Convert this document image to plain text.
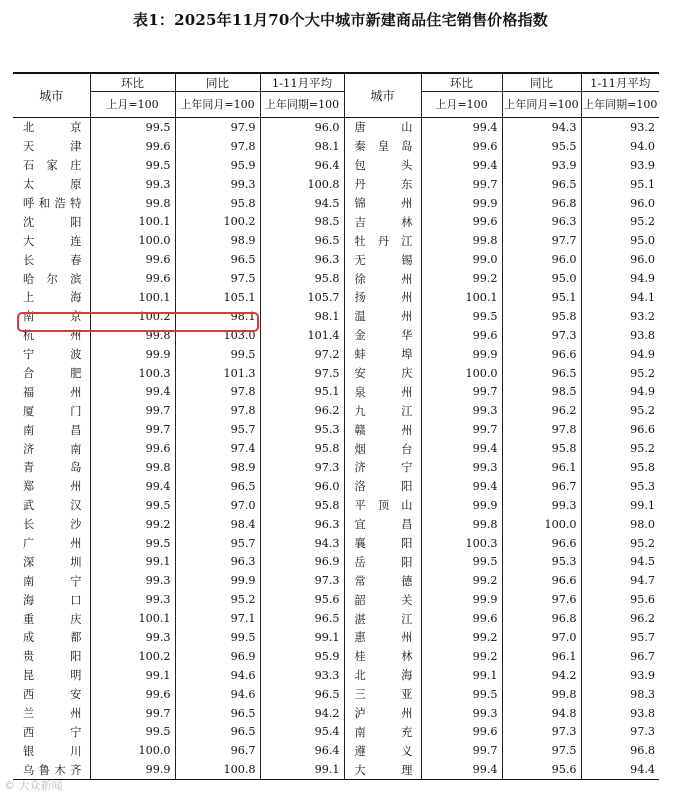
表1：2025年11月70个大中城市新建商品住宅销售价格指数
城市	环比	同比	1-11月平均	城市	环比	同比	1-11月平均
	上月=100	上年同月=100	上年同期=100		上月=100	上年同月=100	上年同期=100

北京	99.5	97.9	96.0	唐山	99.4	94.3	93.2

天津	99.6	97.8	98.1	秦皇岛	99.6	95.5	94.0

石家庄	99.5	95.9	96.4	包头	99.4	93.9	93.9

太原	99.3	99.3	100.8	丹东	99.7	96.5	95.1

呼和浩特	99.8	95.8	94.5	锦州	99.9	96.8	96.0

沈阳	100.1	100.2	98.5	吉林	99.6	96.3	95.2

大连	100.0	98.9	96.5	牡丹江	99.8	97.7	95.0

长春	99.6	96.5	96.3	无锡	99.0	96.0	96.0

哈尔滨	99.6	97.5	95.8	徐州	99.2	95.0	94.9

上海	100.1	105.1	105.7	扬州	100.1	95.1	94.1

南京	100.2	98.1	98.1	温州	99.5	95.8	93.2

杭州	99.8	103.0	101.4	金华	99.6	97.3	93.8

宁波	99.9	99.5	97.2	蚌埠	99.9	96.6	94.9

合肥	100.3	101.3	97.5	安庆	100.0	96.5	95.2

福州	99.4	97.8	95.1	泉州	99.7	98.5	94.9

厦门	99.7	97.8	96.2	九江	99.3	96.2	95.2

南昌	99.7	95.7	95.3	赣州	99.7	97.8	96.6

济南	99.6	97.4	95.8	烟台	99.4	95.8	95.2

青岛	99.8	98.9	97.3	济宁	99.3	96.1	95.8

郑州	99.4	96.5	96.0	洛阳	99.4	96.7	95.3

武汉	99.5	97.0	95.8	平顶山	99.9	99.3	99.1

长沙	99.2	98.4	96.3	宜昌	99.8	100.0	98.0

广州	99.5	95.7	94.3	襄阳	100.3	96.6	95.2

深圳	99.1	96.3	96.9	岳阳	99.5	95.3	94.5

南宁	99.3	99.9	97.3	常德	99.2	96.6	94.7

海口	99.3	95.2	95.6	韶关	99.9	97.6	95.6

重庆	100.1	97.1	96.5	湛江	99.6	96.8	96.2

成都	99.3	99.5	99.1	惠州	99.2	97.0	95.7

贵阳	100.2	96.9	95.9	桂林	99.2	96.1	96.7

昆明	99.1	94.6	93.3	北海	99.1	94.2	93.9

西安	99.6	94.6	96.5	三亚	99.5	99.8	98.3

兰州	99.7	96.5	94.2	泸州	99.3	94.8	93.8

西宁	99.5	96.5	95.4	南充	99.6	97.3	97.3

银川	100.0	96.7	96.4	遵义	99.7	97.5	96.8

乌鲁木齐	99.9	100.8	99.1	大理	99.4	95.6	94.4
© 大众新闻
